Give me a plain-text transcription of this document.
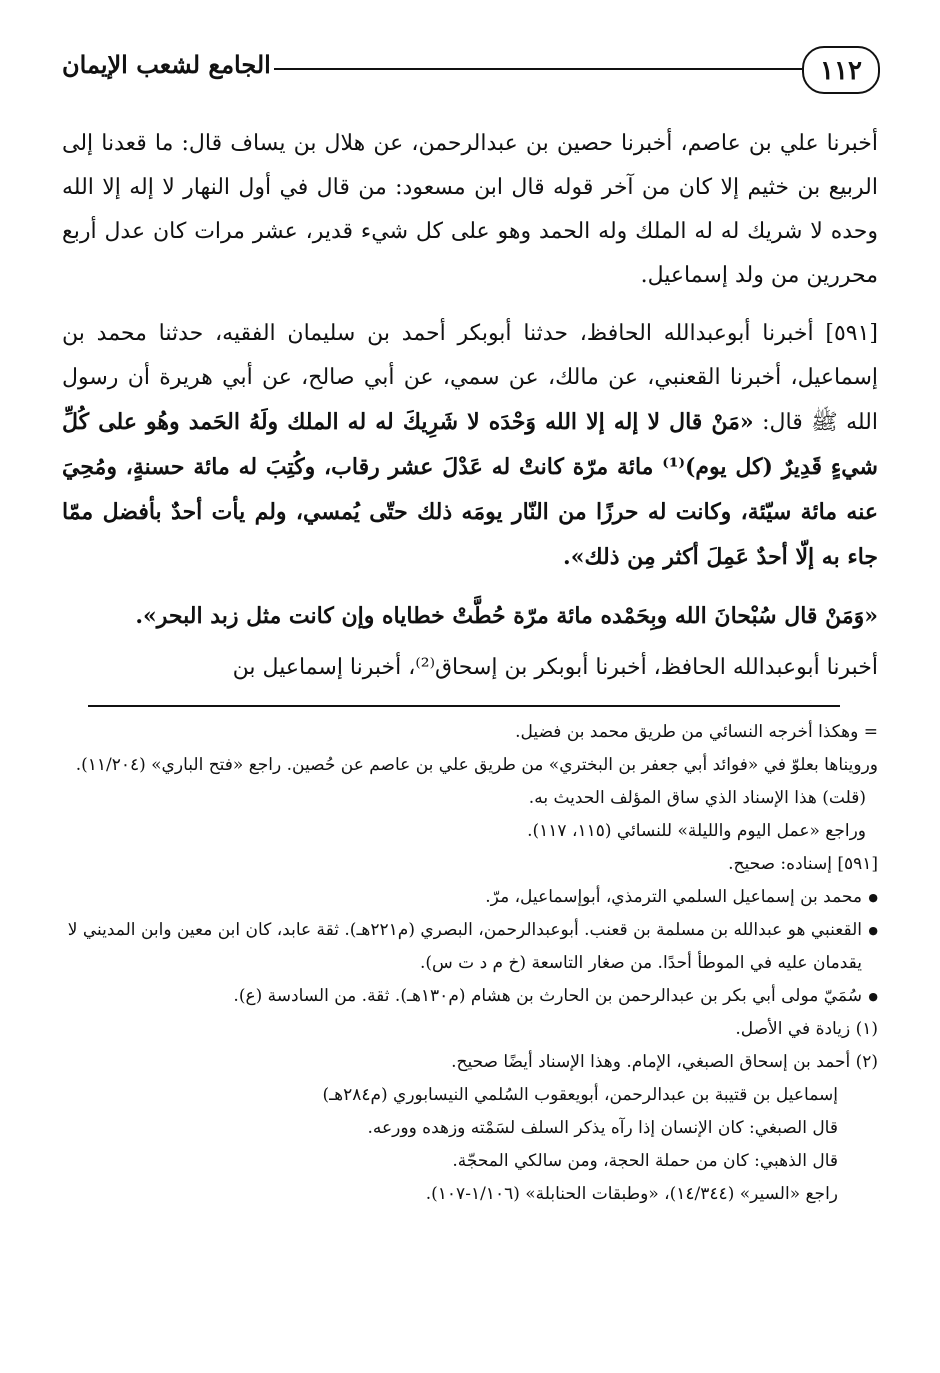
١١٢
الجامع لشعب الإيمان

أخبرنا علي بن عاصم، أخبرنا حصين بن عبدالرحمن، عن هلال بن يساف قال: ما قعدنا إلى الربيع بن خثيم إلا كان من آخر قوله قال ابن مسعود: من قال في أول النهار لا إله إلا الله وحده لا شريك له له الملك وله الحمد وهو على كل شيء قدير، عشر مرات كان عدل أربع محررين من ولد إسماعيل.

[٥٩١] أخبرنا أبوعبدالله الحافظ، حدثنا أبوبكر أحمد بن سليمان الفقيه، حدثنا محمد بن إسماعيل، أخبرنا القعنبي، عن مالك، عن سمي، عن أبي صالح، عن أبي هريرة أن رسول الله ﷺ قال: «مَنْ قال لا إله إلا الله وَحْدَه لا شَرِيكَ له له الملك ولَهُ الحَمد وهُو على كُلِّ شيءٍ قَدِيرٌ (كل يوم)⁽¹⁾ مائة مرّة كانتْ له عَدْلَ عشر رقاب، وكُتِبَ له مائة حسنةٍ، ومُحِيَ عنه مائة سيّئة، وكانت له حرزًا من النّار يومَه ذلك حتّى يُمسي، ولم يأت أحدٌ بأفضل ممّا جاء به إلّا أحدٌ عَمِلَ أكثر مِن ذلك».

«وَمَنْ قال سُبْحانَ الله وبِحَمْده مائة مرّة حُطَّتْ خطاياه وإن كانت مثل زبد البحر».

أخبرنا أبوعبدالله الحافظ، أخبرنا أبوبكر بن إسحاق⁽²⁾، أخبرنا إسماعيل بن

= وهكذا أخرجه النسائي من طريق محمد بن فضيل.

ورويناها بعلوّ في «فوائد أبي جعفر بن البختري» من طريق علي بن عاصم عن حُصين. راجع «فتح الباري» (١١/٢٠٤).

(قلت) هذا الإسناد الذي ساق المؤلف الحديث به.

وراجع «عمل اليوم والليلة» للنسائي (١١٥، ١١٧).

[٥٩١] إسناده: صحيح.

● محمد بن إسماعيل السلمي الترمذي، أبوإسماعيل، مرّ.

● القعنبي هو عبدالله بن مسلمة بن قعنب. أبوعبدالرحمن، البصري (م٢٢١هـ). ثقة عابد، كان ابن معين وابن المديني لا يقدمان عليه في الموطأ أحدًا. من صغار التاسعة (خ م د ت س).

● سُمَيّ مولى أبي بكر بن عبدالرحمن بن الحارث بن هشام (م١٣٠هـ). ثقة. من السادسة (ع).

(١) زيادة في الأصل.

(٢) أحمد بن إسحاق الصبغي، الإمام. وهذا الإسناد أيضًا صحيح.

إسماعيل بن قتيبة بن عبدالرحمن، أبويعقوب السُلمي النيسابوري (م٢٨٤هـ)

قال الصبغي: كان الإنسان إذا رآه يذكر السلف لسَمْته وزهده وورعه.

قال الذهبي: كان من حملة الحجة، ومن سالكي المحجّة.

راجع «السير» (١٤/٣٤٤)، «وطبقات الحنابلة» (١/١٠٦-١٠٧).
